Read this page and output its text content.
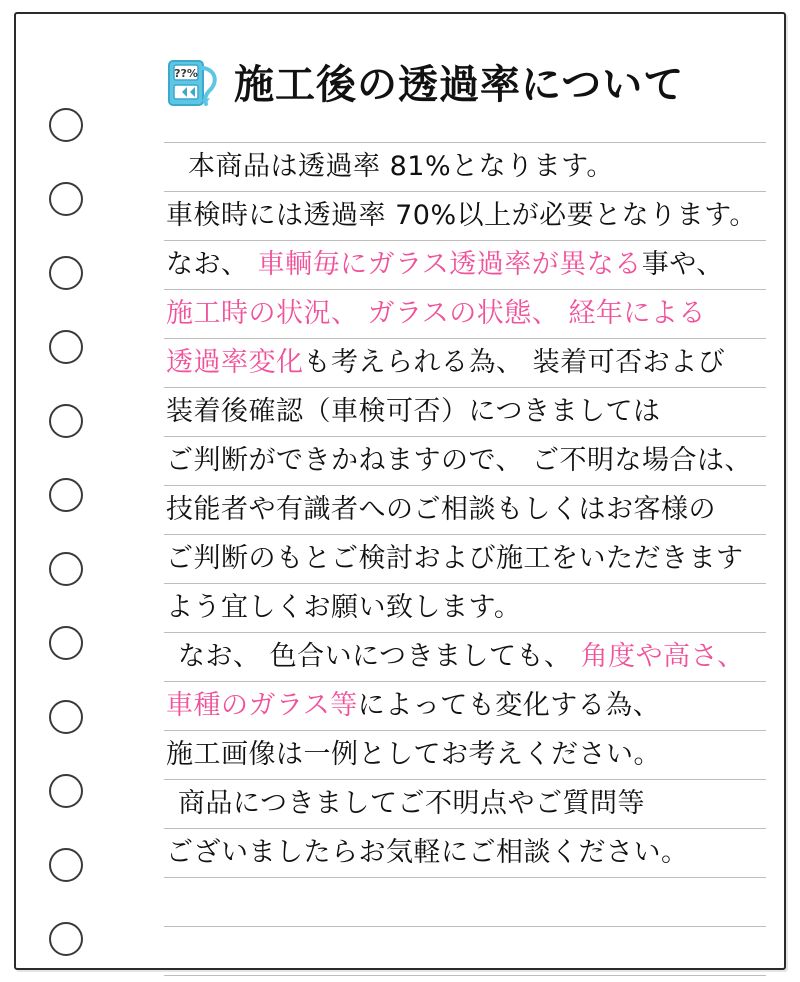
??% 施工後の透過率について
本商品は透過率 81%となります。
車検時には透過率 70%以上が必要となります。
なお、 車輌毎にガラス透過率が異なる事や、
施工時の状況、 ガラスの状態、 経年による
透過率変化も考えられる為、 装着可否および
装着後確認（車検可否）につきましては
ご判断ができかねますので、 ご不明な場合は、
技能者や有識者へのご相談もしくはお客様の
ご判断のもとご検討および施工をいただきます
よう宜しくお願い致します。
なお、 色合いにつきましても、 角度や高さ、
車種のガラス等によっても変化する為、
施工画像は一例としてお考えください。
商品につきましてご不明点やご質問等
ございましたらお気軽にご相談ください。
